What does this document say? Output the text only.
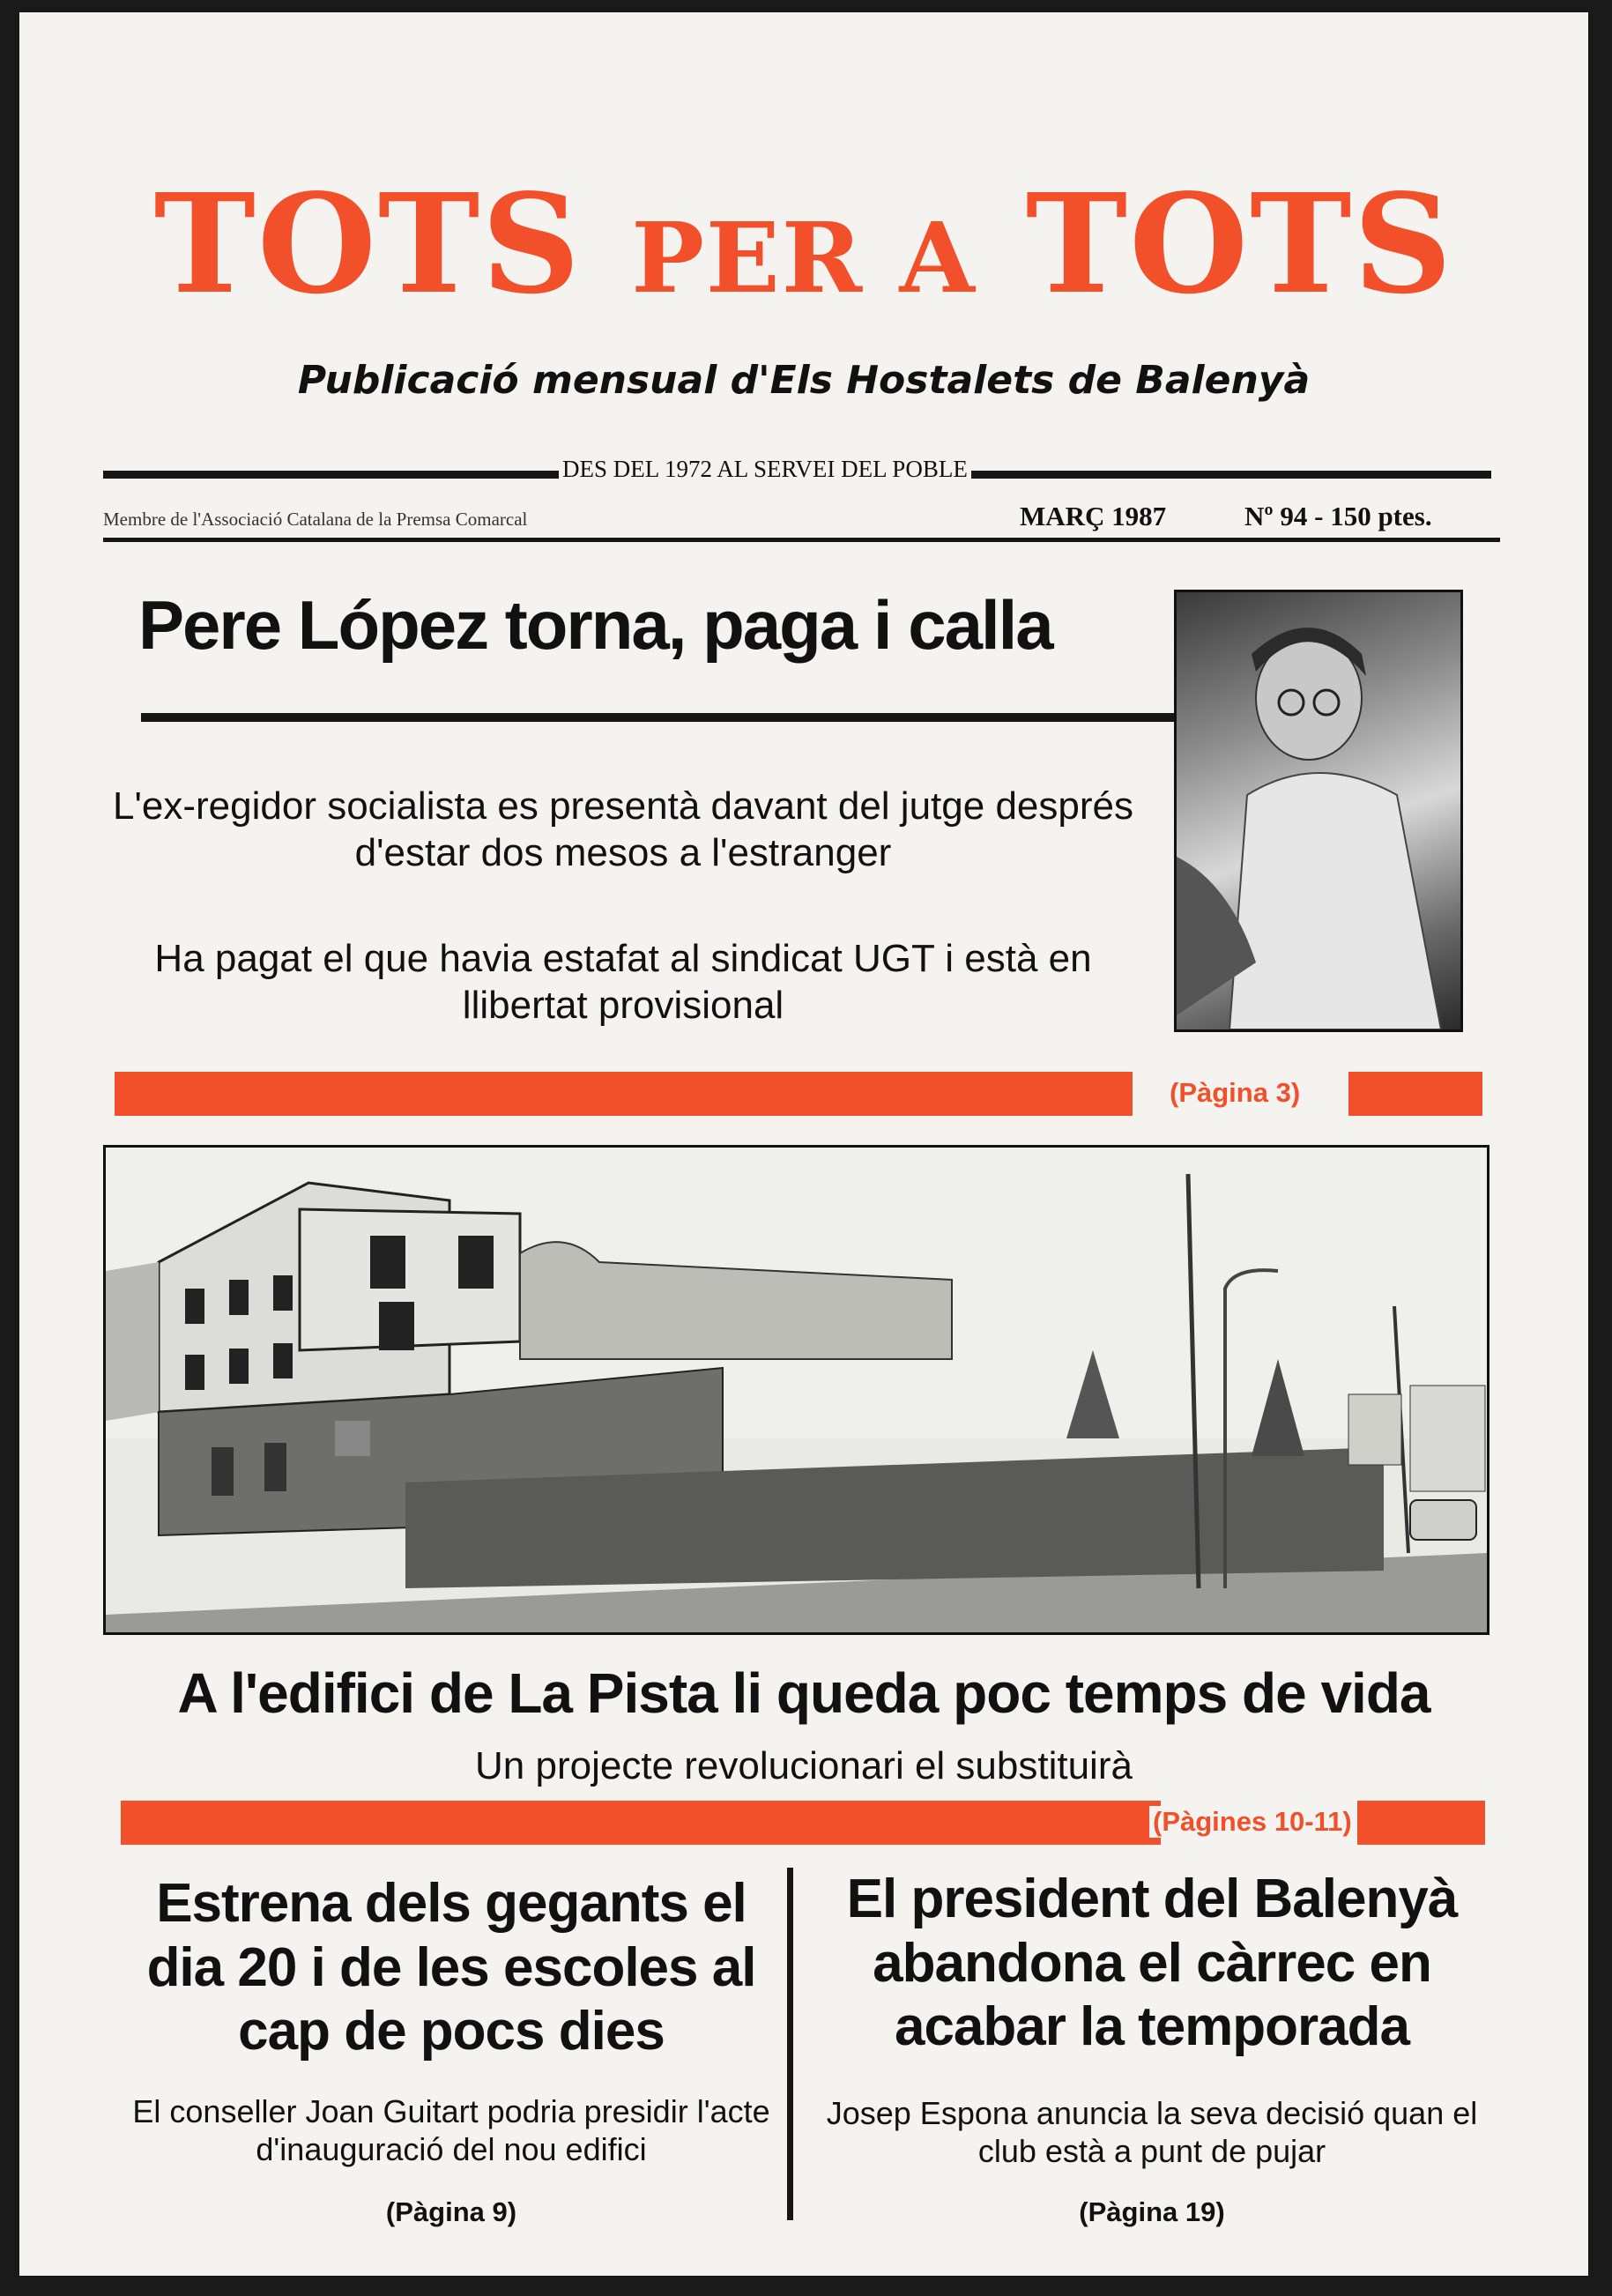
TOTS PER A TOTS
Publicació mensual d'Els Hostalets de Balenyà
DES DEL 1972 AL SERVEI DEL POBLE
Membre de l'Associació Catalana de la Premsa Comarcal	MARÇ 1987	Nº 94 - 150 ptes.
Pere López torna, paga i calla
L'ex-regidor socialista es presentà davant del jutge després d'estar dos mesos a l'estranger
Ha pagat el que havia estafat al sindicat UGT i està en llibertat provisional
(Pàgina 3)
A l'edifici de La Pista li queda poc temps de vida
Un projecte revolucionari el substituirà
(Pàgines 10-11)
Estrena dels gegants el dia 20 i de les escoles al cap de pocs dies
El conseller Joan Guitart podria presidir l'acte d'inauguració del nou edifici
(Pàgina 9)
El president del Balenyà abandona el càrrec en acabar la temporada
Josep Espona anuncia la seva decisió quan el club està a punt de pujar
(Pàgina 19)
